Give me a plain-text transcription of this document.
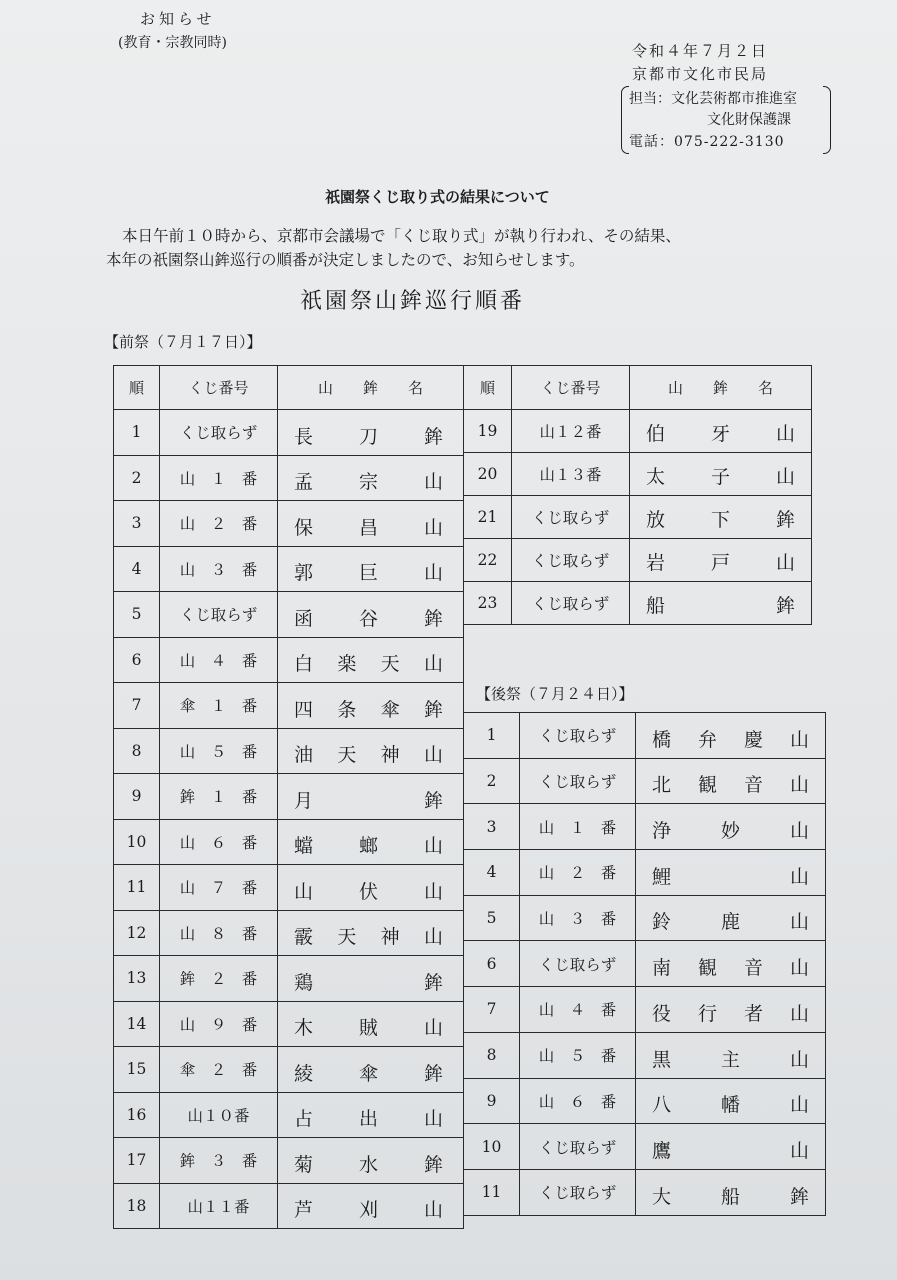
お知らせ
(教育・宗教同時)	令和４年７月２日
京都市文化市民局
担当：文化芸術都市推進室
文化財保護課
電話：075-222-3130
祇園祭くじ取り式の結果について
本日午前１０時から、京都市会議場で「くじ取り式」が執り行われ、その結果、
本年の祇園祭山鉾巡行の順番が決定しましたので、お知らせします。
祇園祭山鉾巡行順番
【前祭（７月１７日）】
【後祭（７月２４日）】
順	くじ番号	山　　鉾　　名
1	くじ取らず	長 刀 鉾

2	山　１　番	孟 宗 山

3	山　２　番	保 昌 山

4	山　３　番	郭 巨 山

5	くじ取らず	函 谷 鉾

6	山　４　番	白 楽 天 山

7	傘　１　番	四 条 傘 鉾

8	山　５　番	油 天 神 山

9	鉾　１　番	月 鉾

10	山　６　番	蟷 螂 山

11	山　７　番	山 伏 山

12	山　８　番	霰 天 神 山

13	鉾　２　番	鶏 鉾

14	山　９　番	木 賊 山

15	傘　２　番	綾 傘 鉾

16	山１０番	占 出 山

17	鉾　３　番	菊 水 鉾

18	山１１番	芦 刈 山
順	くじ番号	山　　鉾　　名
19	山１２番	伯 牙 山

20	山１３番	太 子 山

21	くじ取らず	放 下 鉾

22	くじ取らず	岩 戸 山

23	くじ取らず	船 鉾
1	くじ取らず	橋 弁 慶 山

2	くじ取らず	北 観 音 山

3	山　１　番	浄 妙 山

4	山　２　番	鯉 山

5	山　３　番	鈴 鹿 山

6	くじ取らず	南 観 音 山

7	山　４　番	役 行 者 山

8	山　５　番	黒 主 山

9	山　６　番	八 幡 山

10	くじ取らず	鷹 山

11	くじ取らず	大 船 鉾
